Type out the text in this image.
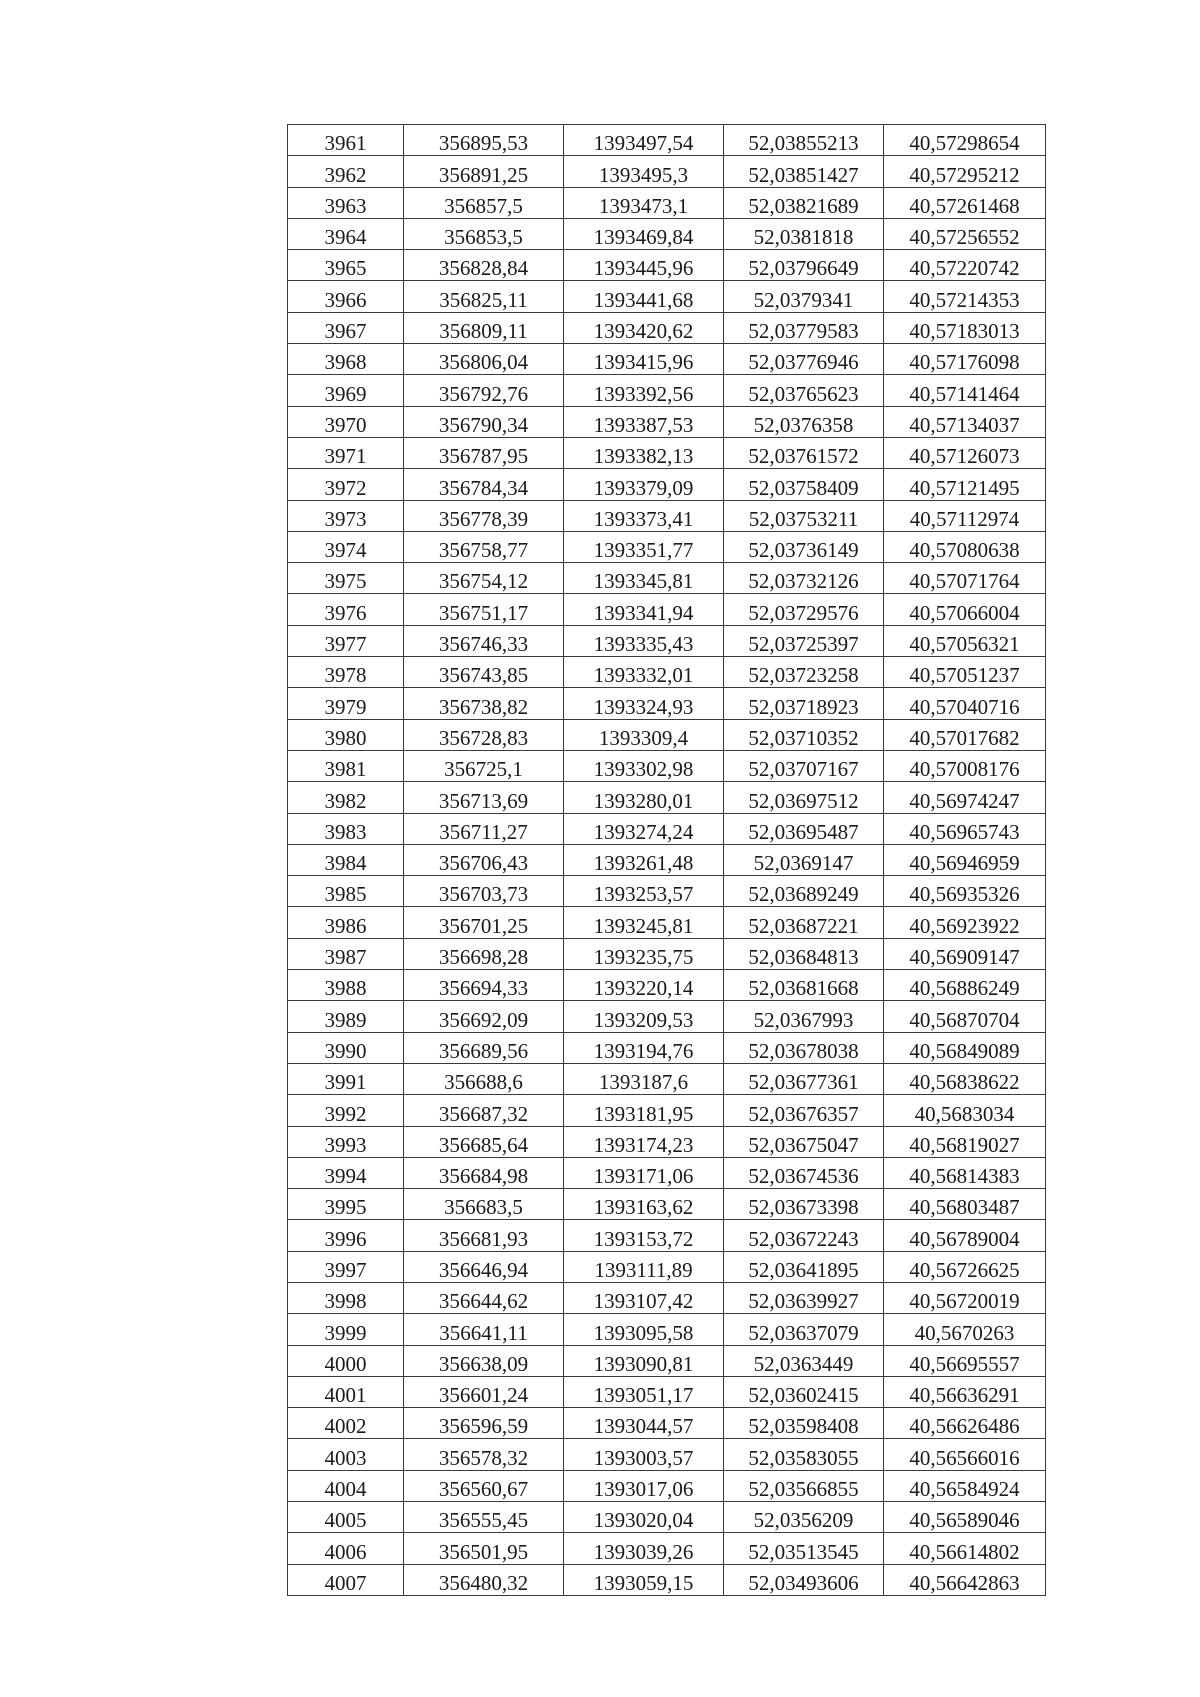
3961	356895,53	1393497,54	52,03855213	40,57298654
3962	356891,25	1393495,3	52,03851427	40,57295212
3963	356857,5	1393473,1	52,03821689	40,57261468
3964	356853,5	1393469,84	52,0381818	40,57256552
3965	356828,84	1393445,96	52,03796649	40,57220742
3966	356825,11	1393441,68	52,0379341	40,57214353
3967	356809,11	1393420,62	52,03779583	40,57183013
3968	356806,04	1393415,96	52,03776946	40,57176098
3969	356792,76	1393392,56	52,03765623	40,57141464
3970	356790,34	1393387,53	52,0376358	40,57134037
3971	356787,95	1393382,13	52,03761572	40,57126073
3972	356784,34	1393379,09	52,03758409	40,57121495
3973	356778,39	1393373,41	52,03753211	40,57112974
3974	356758,77	1393351,77	52,03736149	40,57080638
3975	356754,12	1393345,81	52,03732126	40,57071764
3976	356751,17	1393341,94	52,03729576	40,57066004
3977	356746,33	1393335,43	52,03725397	40,57056321
3978	356743,85	1393332,01	52,03723258	40,57051237
3979	356738,82	1393324,93	52,03718923	40,57040716
3980	356728,83	1393309,4	52,03710352	40,57017682
3981	356725,1	1393302,98	52,03707167	40,57008176
3982	356713,69	1393280,01	52,03697512	40,56974247
3983	356711,27	1393274,24	52,03695487	40,56965743
3984	356706,43	1393261,48	52,0369147	40,56946959
3985	356703,73	1393253,57	52,03689249	40,56935326
3986	356701,25	1393245,81	52,03687221	40,56923922
3987	356698,28	1393235,75	52,03684813	40,56909147
3988	356694,33	1393220,14	52,03681668	40,56886249
3989	356692,09	1393209,53	52,0367993	40,56870704
3990	356689,56	1393194,76	52,03678038	40,56849089
3991	356688,6	1393187,6	52,03677361	40,56838622
3992	356687,32	1393181,95	52,03676357	40,5683034
3993	356685,64	1393174,23	52,03675047	40,56819027
3994	356684,98	1393171,06	52,03674536	40,56814383
3995	356683,5	1393163,62	52,03673398	40,56803487
3996	356681,93	1393153,72	52,03672243	40,56789004
3997	356646,94	1393111,89	52,03641895	40,56726625
3998	356644,62	1393107,42	52,03639927	40,56720019
3999	356641,11	1393095,58	52,03637079	40,5670263
4000	356638,09	1393090,81	52,0363449	40,56695557
4001	356601,24	1393051,17	52,03602415	40,56636291
4002	356596,59	1393044,57	52,03598408	40,56626486
4003	356578,32	1393003,57	52,03583055	40,56566016
4004	356560,67	1393017,06	52,03566855	40,56584924
4005	356555,45	1393020,04	52,0356209	40,56589046
4006	356501,95	1393039,26	52,03513545	40,56614802
4007	356480,32	1393059,15	52,03493606	40,56642863
